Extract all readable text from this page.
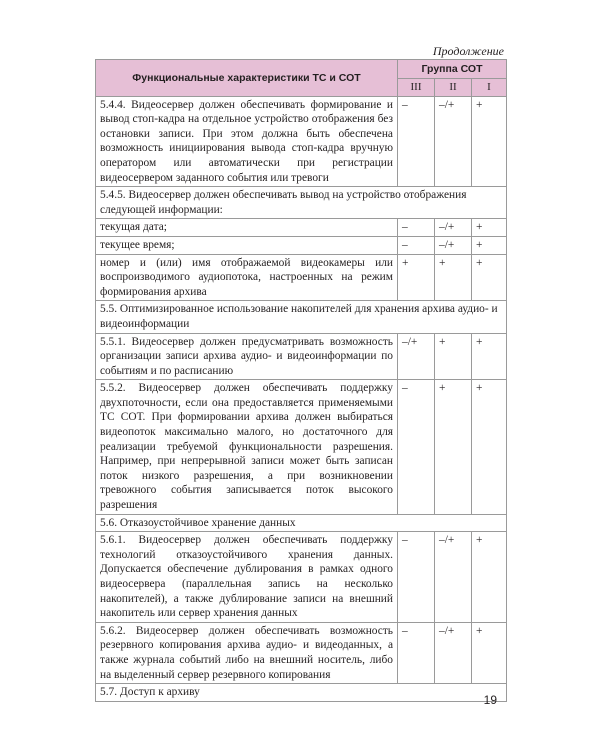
Продолжение
Функциональные характеристики ТС и СОТ	Группа СОТ		
	III	II	I
5.4.4. Видеосервер должен обеспечивать формирование и вывод стоп-кадра на отдельное устройство отображения без остановки записи. При этом должна быть обеспечена возможность инициирования вывода стоп-кадра вручную оператором или автоматически при регистрации видеосервером заданного события или тревоги	–	–/+	+
5.4.5. Видеосервер должен обеспечивать вывод на устройство отображения следующей информации:			
текущая дата;	–	–/+	+
текущее время;	–	–/+	+
номер и (или) имя отображаемой видеокамеры или воспроизводимого аудиопотока, настроенных на режим формирования архива	+	+	+
5.5. Оптимизированное использование накопителей для хранения архива аудио- и видеоинформации			
5.5.1. Видеосервер должен предусматривать возможность организации записи архива аудио- и видеоинформации по событиям и по расписанию	–/+	+	+
5.5.2. Видеосервер должен обеспечивать поддержку двухпоточности, если она предоставляется применяемыми ТС СОТ. При формировании архива должен выбираться видеопоток максимально малого, но достаточного для реализации требуемой функциональности разрешения. Например, при непрерывной записи может быть записан поток низкого разрешения, а при возникновении тревожного события записывается поток высокого разрешения	–	+	+
5.6. Отказоустойчивое хранение данных			
5.6.1. Видеосервер должен обеспечивать поддержку технологий отказоустойчивого хранения данных. Допускается обеспечение дублирования в рамках одного видеосервера (параллельная запись на несколько накопителей), а также дублирование записи на внешний накопитель или сервер хранения данных	–	–/+	+
5.6.2. Видеосервер должен обеспечивать возможность резервного копирования архива аудио- и видеоданных, а также журнала событий либо на внешний носитель, либо на выделенный сервер резервного копирования	–	–/+	+
5.7. Доступ к архиву			
19
